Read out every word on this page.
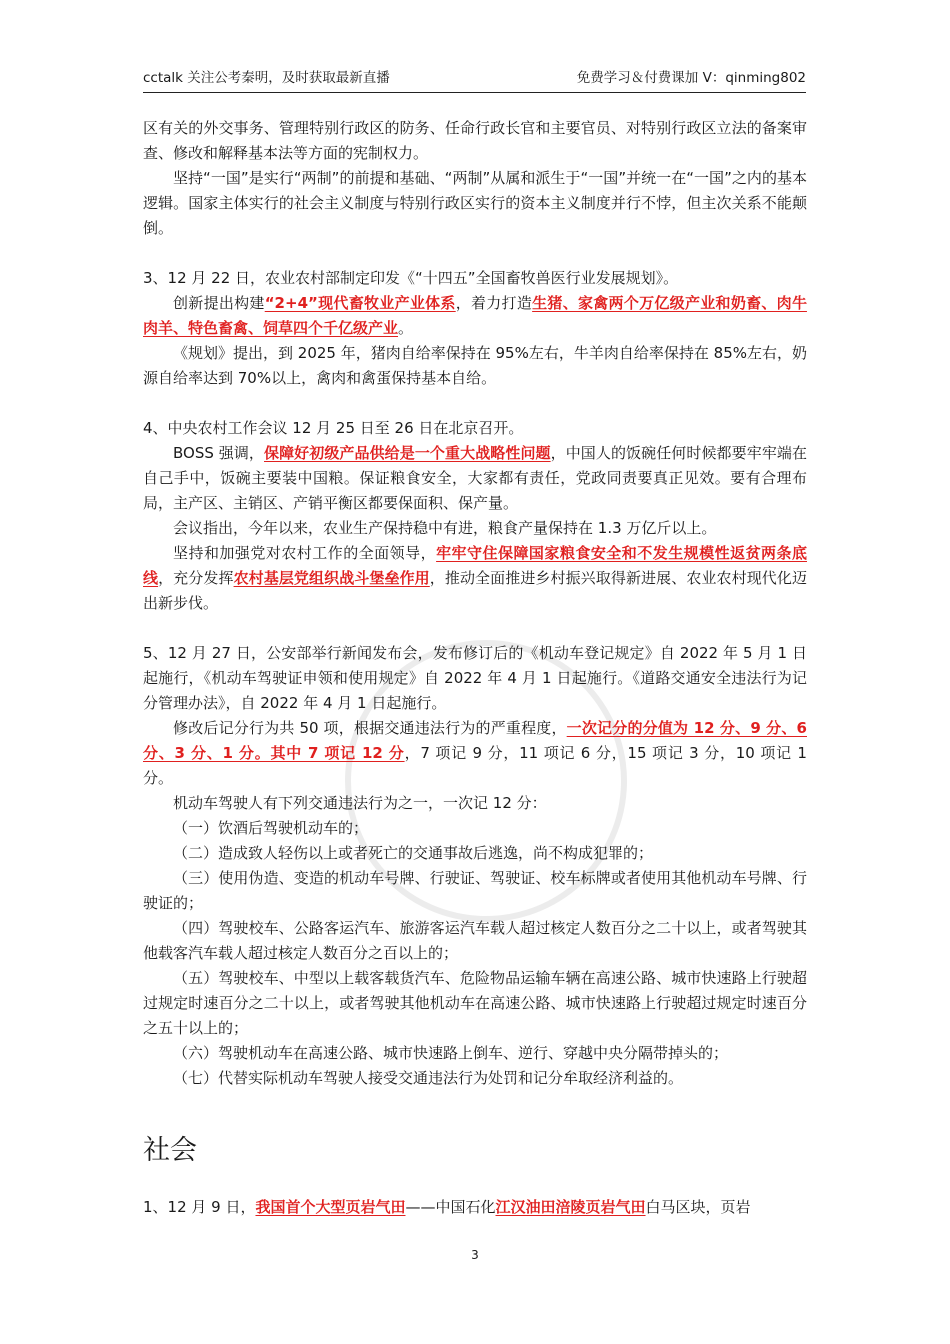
cctalk 关注公考秦明，及时获取最新直播	免费学习＆付费课加 V：qinming802

区有关的外交事务、管理特别行政区的防务、任命行政长官和主要官员、对特别行政区立法的备案审查、修改和解释基本法等方面的宪制权力。

坚持“一国”是实行“两制”的前提和基础、“两制”从属和派生于“一国”并统一在“一国”之内的基本逻辑。国家主体实行的社会主义制度与特别行政区实行的资本主义制度并行不悖，但主次关系不能颠倒。

3、12 月 22 日，农业农村部制定印发《“十四五”全国畜牧兽医行业发展规划》。

创新提出构建“2+4”现代畜牧业产业体系，着力打造生猪、家禽两个万亿级产业和奶畜、肉牛肉羊、特色畜禽、饲草四个千亿级产业。

《规划》提出，到 2025 年，猪肉自给率保持在 95%左右，牛羊肉自给率保持在 85%左右，奶源自给率达到 70%以上，禽肉和禽蛋保持基本自给。

4、中央农村工作会议 12 月 25 日至 26 日在北京召开。

BOSS 强调，保障好初级产品供给是一个重大战略性问题，中国人的饭碗任何时候都要牢牢端在自己手中，饭碗主要装中国粮。保证粮食安全，大家都有责任，党政同责要真正见效。要有合理布局，主产区、主销区、产销平衡区都要保面积、保产量。

会议指出，今年以来，农业生产保持稳中有进，粮食产量保持在 1.3 万亿斤以上。

坚持和加强党对农村工作的全面领导，牢牢守住保障国家粮食安全和不发生规模性返贫两条底线，充分发挥农村基层党组织战斗堡垒作用，推动全面推进乡村振兴取得新进展、农业农村现代化迈出新步伐。

5、12 月 27 日，公安部举行新闻发布会，发布修订后的《机动车登记规定》自 2022 年 5 月 1 日起施行，《机动车驾驶证申领和使用规定》自 2022 年 4 月 1 日起施行。《道路交通安全违法行为记分管理办法》，自 2022 年 4 月 1 日起施行。

修改后记分行为共 50 项，根据交通违法行为的严重程度，一次记分的分值为 12 分、9 分、6 分、3 分、1 分。其中 7 项记 12 分，7 项记 9 分，11 项记 6 分，15 项记 3 分，10 项记 1 分。

机动车驾驶人有下列交通违法行为之一，一次记 12 分：

（一）饮酒后驾驶机动车的；

（二）造成致人轻伤以上或者死亡的交通事故后逃逸，尚不构成犯罪的；

（三）使用伪造、变造的机动车号牌、行驶证、驾驶证、校车标牌或者使用其他机动车号牌、行驶证的；

（四）驾驶校车、公路客运汽车、旅游客运汽车载人超过核定人数百分之二十以上，或者驾驶其他载客汽车载人超过核定人数百分之百以上的；

（五）驾驶校车、中型以上载客载货汽车、危险物品运输车辆在高速公路、城市快速路上行驶超过规定时速百分之二十以上，或者驾驶其他机动车在高速公路、城市快速路上行驶超过规定时速百分之五十以上的；

（六）驾驶机动车在高速公路、城市快速路上倒车、逆行、穿越中央分隔带掉头的；

（七）代替实际机动车驾驶人接受交通违法行为处罚和记分牟取经济利益的。

社会

1、12 月 9 日，我国首个大型页岩气田——中国石化江汉油田涪陵页岩气田白马区块，页岩

3
